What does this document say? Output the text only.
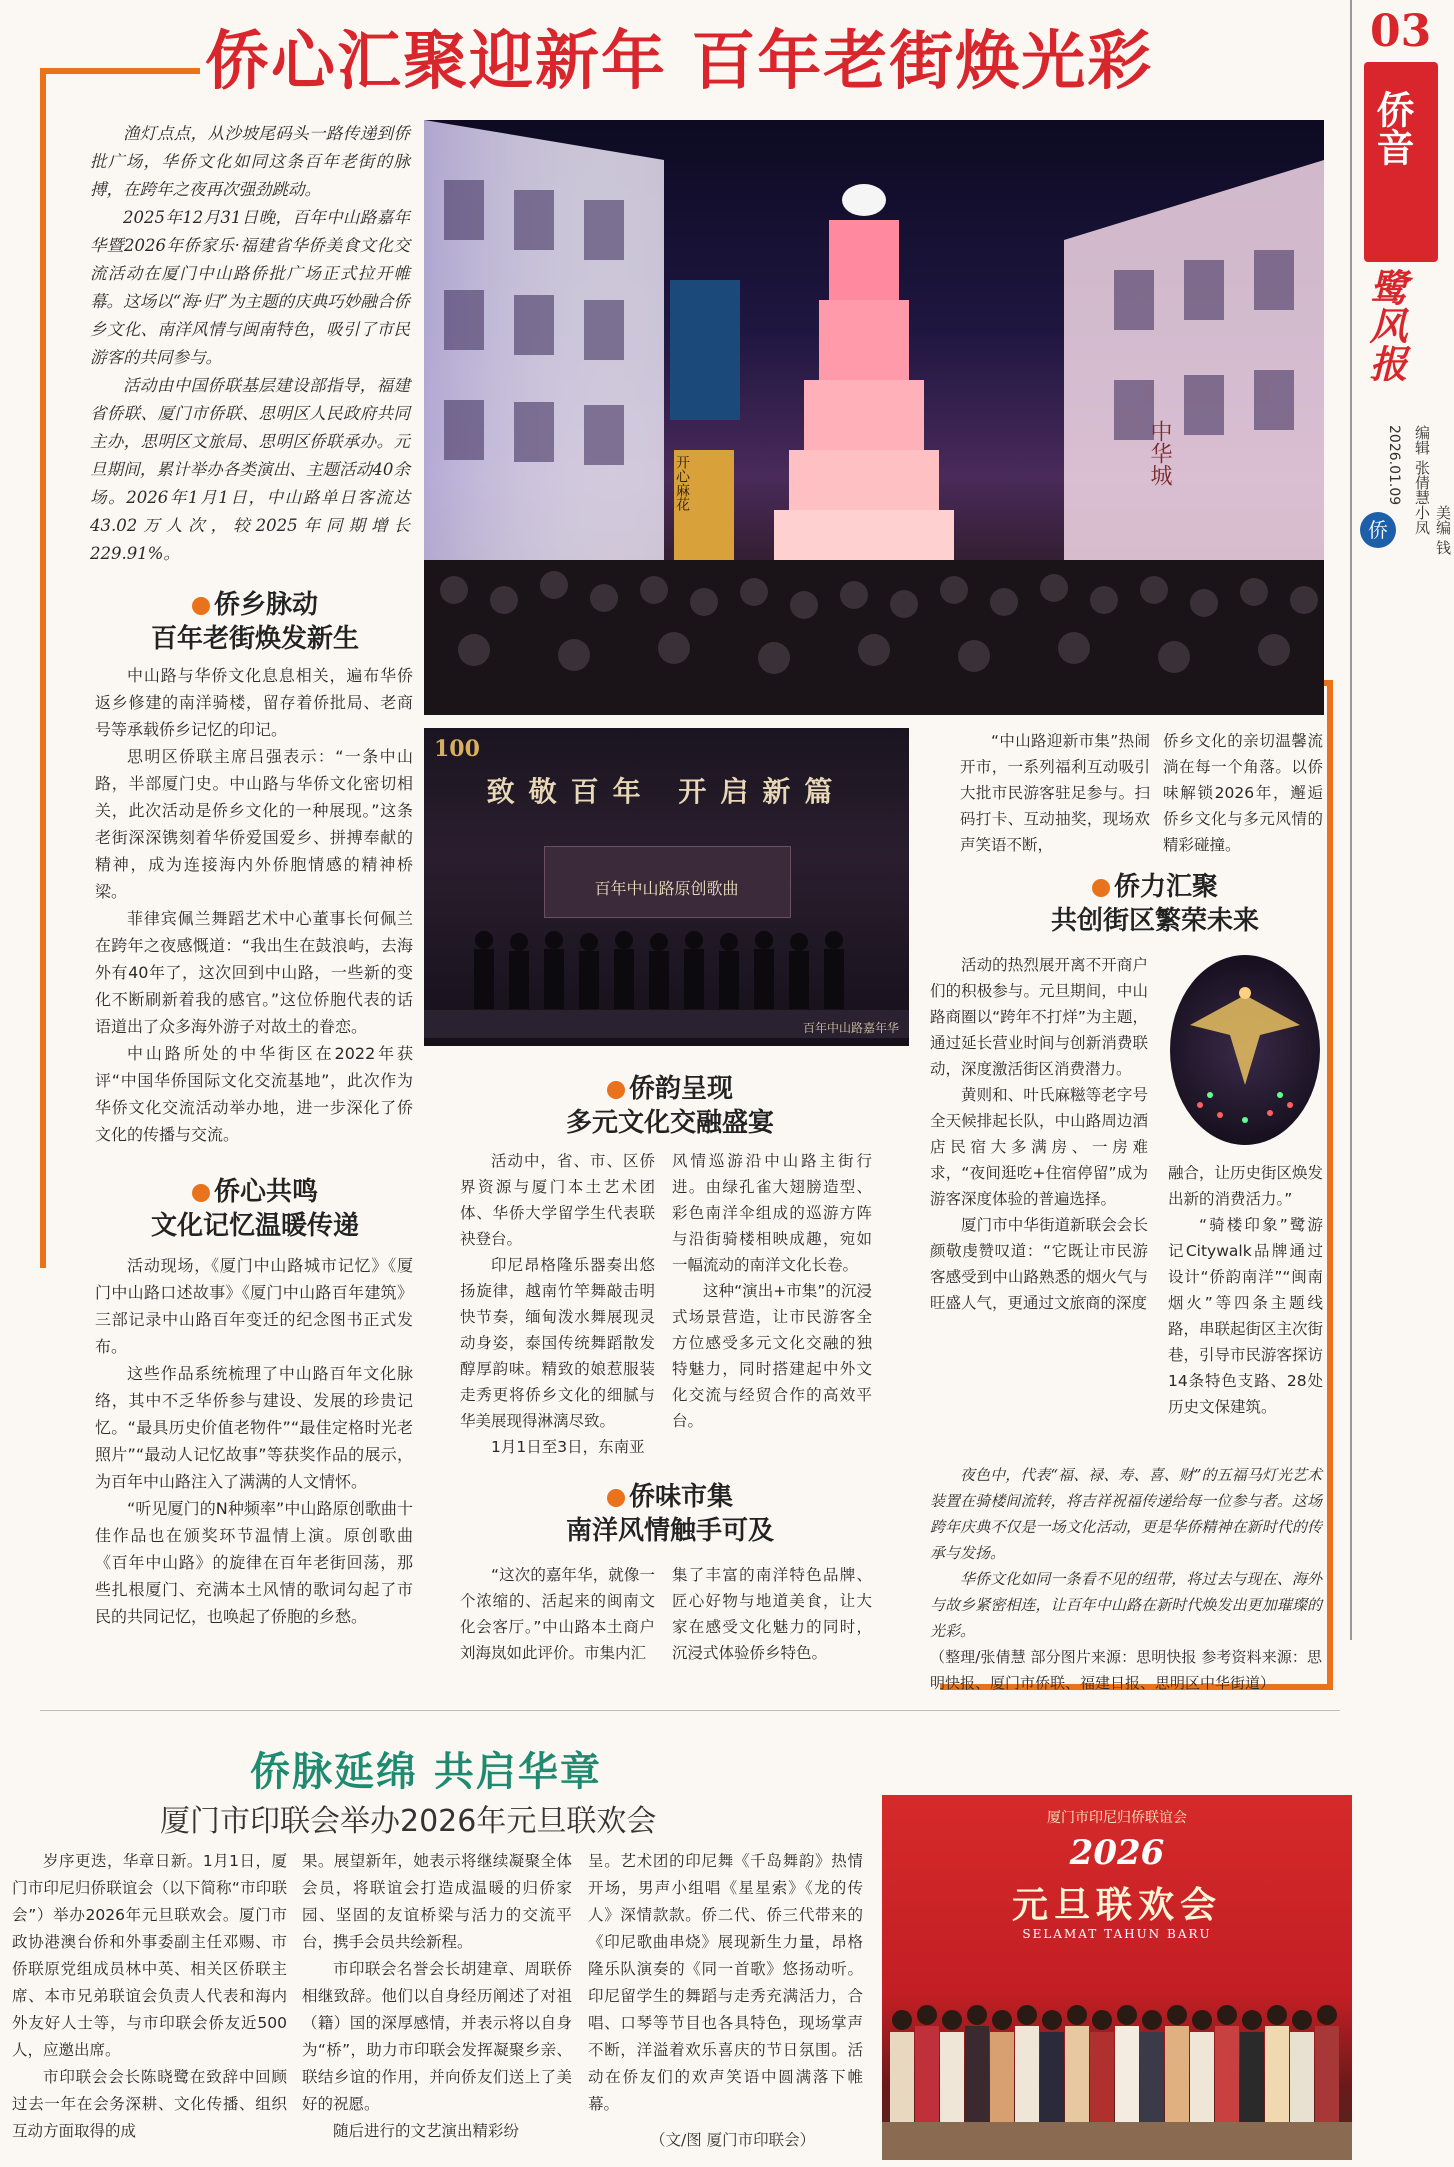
03
侨音
鹭风报
编辑 张倩慧
2026.01.09
侨	美编 钱小凤
侨心汇聚迎新年 百年老街焕光彩

渔灯点点，从沙坡尾码头一路传递到侨批广场，华侨文化如同这条百年老街的脉搏，在跨年之夜再次强劲跳动。

2025年12月31日晚，百年中山路嘉年华暨2026年侨家乐·福建省华侨美食文化交流活动在厦门中山路侨批广场正式拉开帷幕。这场以“海·归”为主题的庆典巧妙融合侨乡文化、南洋风情与闽南特色，吸引了市民游客的共同参与。

活动由中国侨联基层建设部指导，福建省侨联、厦门市侨联、思明区人民政府共同主办，思明区文旅局、思明区侨联承办。元旦期间，累计举办各类演出、主题活动40余场。2026年1月1日，中山路单日客流达43.02万人次，较2025年同期增长229.91%。

开心麻花	中华城
侨乡脉动
百年老街焕发新生

中山路与华侨文化息息相关，遍布华侨返乡修建的南洋骑楼，留存着侨批局、老商号等承载侨乡记忆的印记。

思明区侨联主席吕强表示：“一条中山路，半部厦门史。中山路与华侨文化密切相关，此次活动是侨乡文化的一种展现。”这条老街深深镌刻着华侨爱国爱乡、拼搏奉献的精神，成为连接海内外侨胞情感的精神桥梁。

菲律宾佩兰舞蹈艺术中心董事长何佩兰在跨年之夜感慨道：“我出生在鼓浪屿，去海外有40年了，这次回到中山路，一些新的变化不断刷新着我的感官。”这位侨胞代表的话语道出了众多海外游子对故土的眷恋。

中山路所处的中华街区在2022年获评“中国华侨国际文化交流基地”，此次作为华侨文化交流活动举办地，进一步深化了侨文化的传播与交流。

侨心共鸣
文化记忆温暖传递

活动现场，《厦门中山路城市记忆》《厦门中山路口述故事》《厦门中山路百年建筑》三部记录中山路百年变迁的纪念图书正式发布。

这些作品系统梳理了中山路百年文化脉络，其中不乏华侨参与建设、发展的珍贵记忆。“最具历史价值老物件”“最佳定格时光老照片”“最动人记忆故事”等获奖作品的展示，为百年中山路注入了满满的人文情怀。

“听见厦门的N种频率”中山路原创歌曲十佳作品也在颁奖环节温情上演。原创歌曲《百年中山路》的旋律在百年老街回荡，那些扎根厦门、充满本土风情的歌词勾起了市民的共同记忆，也唤起了侨胞的乡愁。

100
致敬百年 开启新篇
百年中山路原创歌曲
百年中山路嘉年华
侨韵呈现
多元文化交融盛宴

活动中，省、市、区侨界资源与厦门本土艺术团体、华侨大学留学生代表联袂登台。

印尼昂格隆乐器奏出悠扬旋律，越南竹竿舞敲击明快节奏，缅甸泼水舞展现灵动身姿，泰国传统舞蹈散发醇厚韵味。精致的娘惹服装走秀更将侨乡文化的细腻与华美展现得淋漓尽致。

1月1日至3日，东南亚

风情巡游沿中山路主街行进。由绿孔雀大翅膀造型、彩色南洋伞组成的巡游方阵与沿街骑楼相映成趣，宛如一幅流动的南洋文化长卷。

这种“演出+市集”的沉浸式场景营造，让市民游客全方位感受多元文化交融的独特魅力，同时搭建起中外文化交流与经贸合作的高效平台。

侨味市集
南洋风情触手可及

“这次的嘉年华，就像一个浓缩的、活起来的闽南文化会客厅。”中山路本土商户刘海岚如此评价。市集内汇

集了丰富的南洋特色品牌、匠心好物与地道美食，让大家在感受文化魅力的同时，沉浸式体验侨乡特色。

“中山路迎新市集”热闹开市，一系列福利互动吸引大批市民游客驻足参与。扫码打卡、互动抽奖，现场欢声笑语不断，

侨乡文化的亲切温馨流淌在每一个角落。以侨味解锁2026年，邂逅侨乡文化与多元风情的精彩碰撞。

侨力汇聚
共创街区繁荣未来

活动的热烈展开离不开商户们的积极参与。元旦期间，中山路商圈以“跨年不打烊”为主题，通过延长营业时间与创新消费联动，深度激活街区消费潜力。

黄则和、叶氏麻糍等老字号全天候排起长队，中山路周边酒店民宿大多满房、一房难求，“夜间逛吃+住宿停留”成为游客深度体验的普遍选择。

厦门市中华街道新联会会长颜敬虔赞叹道：“它既让市民游客感受到中山路熟悉的烟火气与旺盛人气，更通过文旅商的深度

融合，让历史街区焕发出新的消费活力。”

“骑楼印象”鹭游记Citywalk品牌通过设计“侨韵南洋”“闽南烟火”等四条主题线路，串联起街区主次街巷，引导市民游客探访14条特色支路、28处历史文保建筑。

夜色中，代表“福、禄、寿、喜、财”的五福马灯光艺术装置在骑楼间流转，将吉祥祝福传递给每一位参与者。这场跨年庆典不仅是一场文化活动，更是华侨精神在新时代的传承与发扬。

华侨文化如同一条看不见的纽带，将过去与现在、海外与故乡紧密相连，让百年中山路在新时代焕发出更加璀璨的光彩。

（整理/张倩慧 部分图片来源：思明快报 参考资料来源：思明快报、厦门市侨联、福建日报、思明区中华街道）

侨脉延绵 共启华章
厦门市印联会举办2026年元旦联欢会

岁序更迭，华章日新。1月1日，厦门市印尼归侨联谊会（以下简称“市印联会”）举办2026年元旦联欢会。厦门市政协港澳台侨和外事委副主任邓赐、市侨联原党组成员林中英、相关区侨联主席、本市兄弟联谊会负责人代表和海内外友好人士等，与市印联会侨友近500人，应邀出席。

市印联会会长陈晓鹭在致辞中回顾过去一年在会务深耕、文化传播、组织互动方面取得的成

果。展望新年，她表示将继续凝聚全体会员，将联谊会打造成温暖的归侨家园、坚固的友谊桥梁与活力的交流平台，携手会员共绘新程。

市印联会名誉会长胡建章、周联侨相继致辞。他们以自身经历阐述了对祖（籍）国的深厚感情，并表示将以自身为“桥”，助力市印联会发挥凝聚乡亲、联结乡谊的作用，并向侨友们送上了美好的祝愿。

随后进行的文艺演出精彩纷

呈。艺术团的印尼舞《千岛舞韵》热情开场，男声小组唱《星星索》《龙的传人》深情款款。侨二代、侨三代带来的《印尼歌曲串烧》展现新生力量，昂格隆乐队演奏的《同一首歌》悠扬动听。印尼留学生的舞蹈与走秀充满活力，合唱、口琴等节目也各具特色，现场掌声不断，洋溢着欢乐喜庆的节日氛围。活动在侨友们的欢声笑语中圆满落下帷幕。

（文/图 厦门市印联会）
厦门市印尼归侨联谊会
2026
元旦联欢会
SELAMAT TAHUN BARU
